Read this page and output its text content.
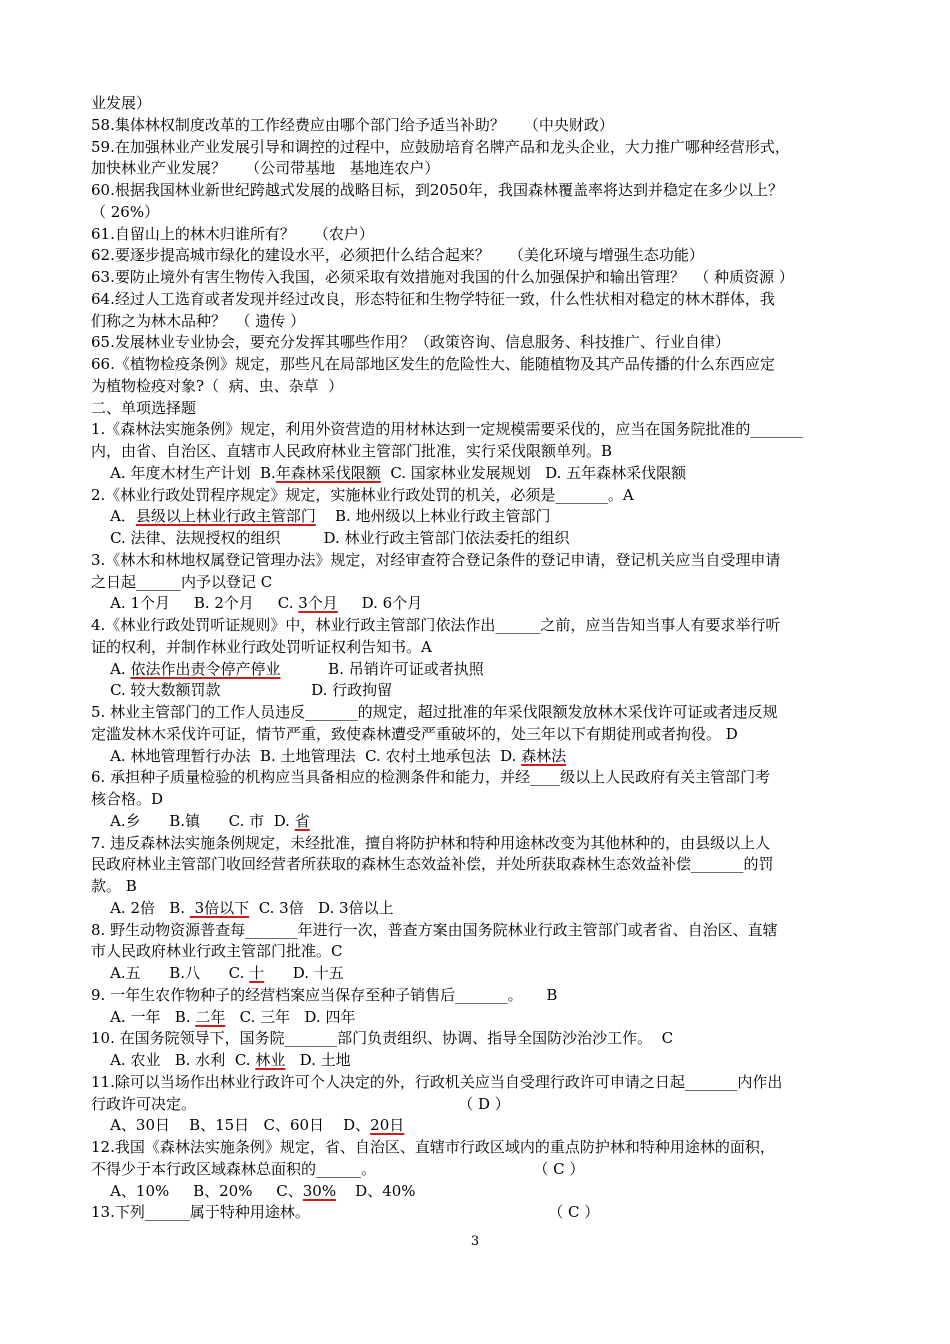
业发展）
58.集体林权制度改革的工作经费应由哪个部门给予适当补助？    （中央财政）
59.在加强林业产业发展引导和调控的过程中，应鼓励培育名牌产品和龙头企业，大力推广哪种经营形式，
加快林业产业发展？    （公司带基地   基地连农户）
60.根据我国林业新世纪跨越式发展的战略目标，到2050年，我国森林覆盖率将达到并稳定在多少以上？
（ 26%）
61.自留山上的林木归谁所有？    （农户）
62.要逐步提高城市绿化的建设水平，必须把什么结合起来？    （美化环境与增强生态功能）
63.要防止境外有害生物传入我国，必须采取有效措施对我国的什么加强保护和输出管理？  （ 种质资源 ）
64.经过人工选育或者发现并经过改良，形态特征和生物学特征一致，什么性状相对稳定的林木群体，我
们称之为林木品种？  （ 遗传 ）
65.发展林业专业协会，要充分发挥其哪些作用？（政策咨询、信息服务、科技推广、行业自律）
66.《植物检疫条例》规定，那些凡在局部地区发生的危险性大、能随植物及其产品传播的什么东西应定
为植物检疫对象?（  病、虫、杂草  ）
二、单项选择题
1.《森林法实施条例》规定，利用外资营造的用材林达到一定规模需要采伐的，应当在国务院批准的_______
内，由省、自治区、直辖市人民政府林业主管部门批准，实行采伐限额单列。B
A. 年度木材生产计划  B.年森林采伐限额  C. 国家林业发展规划   D. 五年森林采伐限额
2.《林业行政处罚程序规定》规定，实施林业行政处罚的机关，必须是_______。A
A．县级以上林业行政主管部门    B. 地州级以上林业行政主管部门
C. 法律、法规授权的组织         D. 林业行政主管部门依法委托的组织
3.《林木和林地权属登记管理办法》规定，对经审查符合登记条件的登记申请，登记机关应当自受理申请
之日起______内予以登记 C
A. 1个月     B. 2个月     C. 3个月     D. 6个月
4.《林业行政处罚听证规则》中，林业行政主管部门依法作出______之前，应当告知当事人有要求举行听
证的权利，并制作林业行政处罚听证权利告知书。A
A. 依法作出责令停产停业          B. 吊销许可证或者执照
C. 较大数额罚款                   D. 行政拘留
5. 林业主管部门的工作人员违反_______的规定，超过批准的年采伐限额发放林木采伐许可证或者违反规
定滥发林木采伐许可证，情节严重，致使森林遭受严重破坏的，处三年以下有期徒刑或者拘役。 D
A. 林地管理暂行办法  B. 土地管理法  C. 农村土地承包法  D. 森林法
6. 承担种子质量检验的机构应当具备相应的检测条件和能力，并经____级以上人民政府有关主管部门考
核合格。D
A.乡      B.镇      C. 市  D. 省
7. 违反森林法实施条例规定，未经批准，擅自将防护林和特种用途林改变为其他林种的，由县级以上人
民政府林业主管部门收回经营者所获取的森林生态效益补偿，并处所获取森林生态效益补偿_______的罚
款。 B
A. 2倍   B.  3倍以下  C. 3倍   D. 3倍以上
8. 野生动物资源普查每_______年进行一次，普查方案由国务院林业行政主管部门或者省、自治区、直辖
市人民政府林业行政主管部门批准。C
A.五      B.八      C. 十      D. 十五
9. 一年生农作物种子的经营档案应当保存至种子销售后_______。     B
A. 一年   B. 二年   C. 三年   D. 四年
10. 在国务院领导下，国务院_______部门负责组织、协调、指导全国防沙治沙工作。  C
A. 农业   B. 水利  C. 林业   D. 土地
11.除可以当场作出林业行政许可个人决定的外，行政机关应当自受理行政许可申请之日起_______内作出
行政许可决定。                                                       （ D ）
A、30日    B、15日   C、60日    D、20日
12.我国《森林法实施条例》规定，省、自治区、直辖市行政区域内的重点防护林和特种用途林的面积，
不得少于本行政区域森林总面积的______。                                 （ C ）
A、10%     B、20%     C、30%    D、40%
13.下列______属于特种用途林。                                                  （ C ）
3
